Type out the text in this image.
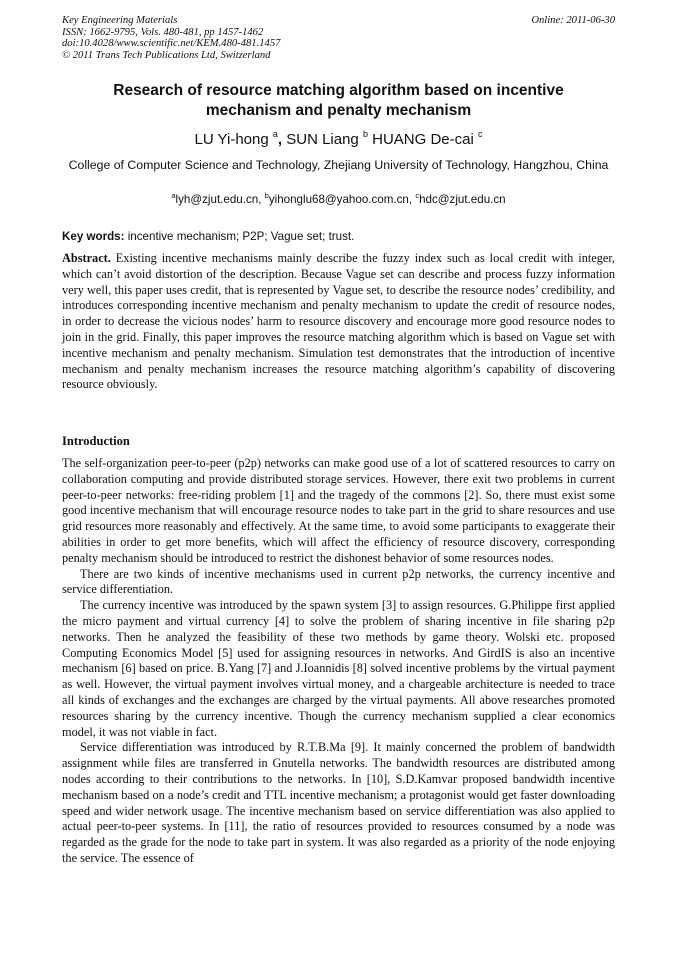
Key Engineering Materials
ISSN: 1662-9795, Vols. 480-481, pp 1457-1462
doi:10.4028/www.scientific.net/KEM.480-481.1457
© 2011 Trans Tech Publications Ltd, Switzerland
Online: 2011-06-30
Research of resource matching algorithm based on incentive
mechanism and penalty mechanism
LU Yi-hong $^a$, SUN Liang $^b$ HUANG De-cai $^c$
College of Computer Science and Technology, Zhejiang University of Technology, Hangzhou, China
$^a$lyh@zjut.edu.cn, $^b$yihonglu68@yahoo.com.cn, $^c$hdc@zjut.edu.cn
Key words: incentive mechanism; P2P; Vague set; trust.
Abstract. Existing incentive mechanisms mainly describe the fuzzy index such as local credit with integer, which can’t avoid distortion of the description. Because Vague set can describe and process fuzzy information very well, this paper uses credit, that is represented by Vague set, to describe the resource nodes’ credibility, and introduces corresponding incentive mechanism and penalty mechanism to update the credit of resource nodes, in order to decrease the vicious nodes’ harm to resource discovery and encourage more good resource nodes to join in the grid. Finally, this paper improves the resource matching algorithm which is based on Vague set with incentive mechanism and penalty mechanism. Simulation test demonstrates that the introduction of incentive mechanism and penalty mechanism increases the resource matching algorithm’s capability of discovering resource obviously.
Introduction

The self-organization peer-to-peer (p2p) networks can make good use of a lot of scattered resources to carry on collaboration computing and provide distributed storage services. However, there exit two problems in current peer-to-peer networks: free-riding problem [1] and the tragedy of the commons [2]. So, there must exist some good incentive mechanism that will encourage resource nodes to take part in the grid to share resources and use grid resources more reasonably and effectively. At the same time, to avoid some participants to exaggerate their abilities in order to get more benefits, which will affect the efficiency of resource discovery, corresponding penalty mechanism should be introduced to restrict the dishonest behavior of some resources nodes.

There are two kinds of incentive mechanisms used in current p2p networks, the currency incentive and service differentiation.

The currency incentive was introduced by the spawn system [3] to assign resources. G.Philippe first applied the micro payment and virtual currency [4] to solve the problem of sharing incentive in file sharing p2p networks. Then he analyzed the feasibility of these two methods by game theory. Wolski etc. proposed Computing Economics Model [5] used for assigning resources in networks. And GirdIS is also an incentive mechanism [6] based on price. B.Yang [7] and J.Ioannidis [8] solved incentive problems by the virtual payment as well. However, the virtual payment involves virtual money, and a chargeable architecture is needed to trace all kinds of exchanges and the exchanges are charged by the virtual payments. All above researches promoted resources sharing by the currency incentive. Though the currency mechanism supplied a clear economics model, it was not viable in fact.

Service differentiation was introduced by R.T.B.Ma [9]. It mainly concerned the problem of bandwidth assignment while files are transferred in Gnutella networks. The bandwidth resources are distributed among nodes according to their contributions to the networks. In [10], S.D.Kamvar proposed bandwidth incentive mechanism based on a node’s credit and TTL incentive mechanism; a protagonist would get faster downloading speed and wider network usage. The incentive mechanism based on service differentiation was also applied to actual peer-to-peer systems. In [11], the ratio of resources provided to resources consumed by a node was regarded as the grade for the node to take part in system. It was also regarded as a priority of the node enjoying the service. The essence of
